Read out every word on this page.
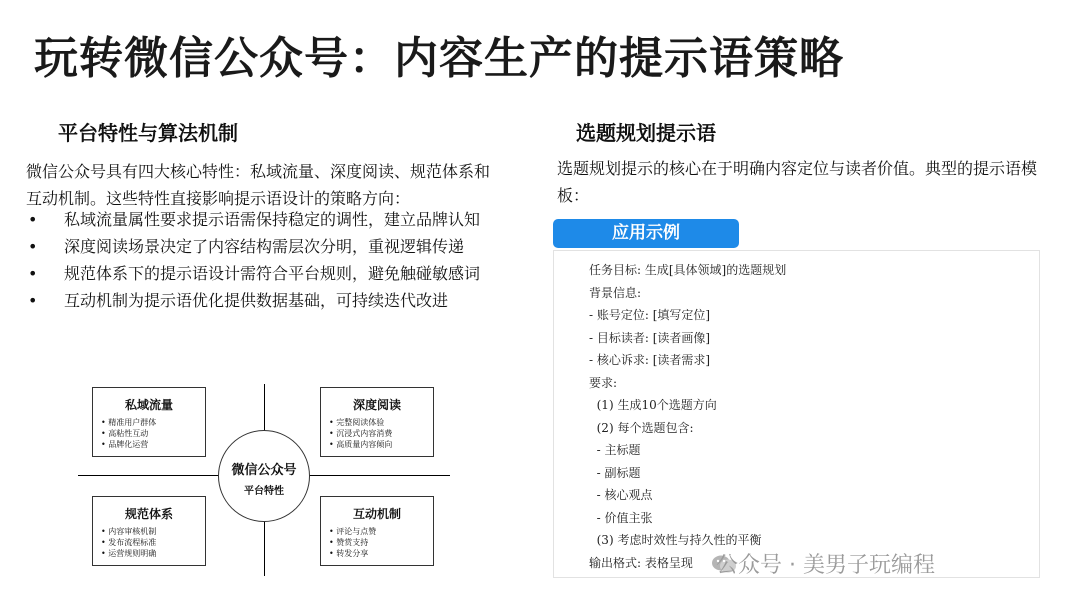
玩转微信公众号：内容生产的提示语策略
平台特性与算法机制
微信公众号具有四大核心特性：私域流量、深度阅读、规范体系和互动机制。这些特性直接影响提示语设计的策略方向：
• 私域流量属性要求提示语需保持稳定的调性，建立品牌认知
• 深度阅读场景决定了内容结构需层次分明，重视逻辑传递
• 规范体系下的提示语设计需符合平台规则，避免触碰敏感词
• 互动机制为提示语优化提供数据基础，可持续迭代改进
私域流量
• 精准用户群体
• 高粘性互动
• 品牌化运营
深度阅读
• 完整阅读体验
• 沉浸式内容消费
• 高质量内容倾向
规范体系
• 内容审核机制
• 发布流程标准
• 运营规则明确
互动机制
• 评论与点赞
• 赞赏支持
• 转发分享
微信公众号
平台特性
选题规划提示语
选题规划提示的核心在于明确内容定位与读者价值。典型的提示语模板：
应用示例
任务目标: 生成[具体领域]的选题规划
背景信息:
- 账号定位: [填写定位]
- 目标读者: [读者画像]
- 核心诉求: [读者需求]
要求:
(1) 生成10个选题方向
(2) 每个选题包含:
- 主标题
- 副标题
- 核心观点
- 价值主张
(3) 考虑时效性与持久性的平衡
输出格式: 表格呈现	公众号 · 美男子玩编程
